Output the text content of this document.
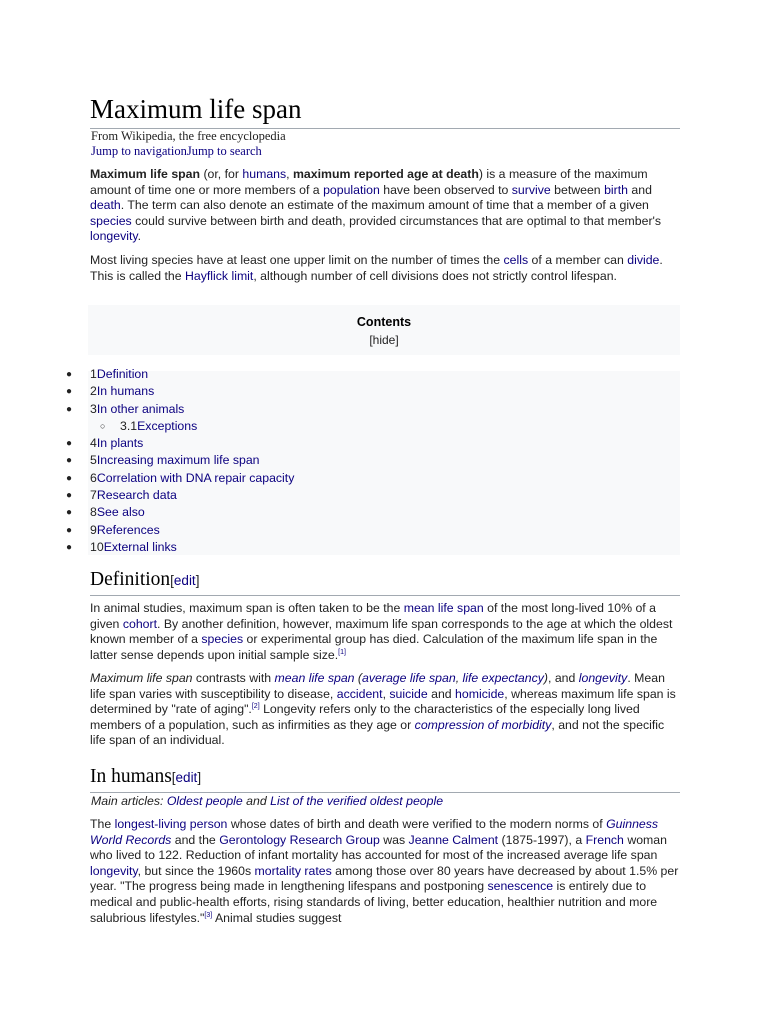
Maximum life span
From Wikipedia, the free encyclopedia
Jump to navigationJump to search

Maximum life span (or, for humans, maximum reported age at death) is a measure of the maximum amount of time one or more members of a population have been observed to survive between birth and death. The term can also denote an estimate of the maximum amount of time that a member of a given species could survive between birth and death, provided circumstances that are optimal to that member's longevity.

Most living species have at least one upper limit on the number of times the cells of a member can divide. This is called the Hayflick limit, although number of cell divisions does not strictly control lifespan.

Contents
[hide]
● 1Definition
● 2In humans
● 3In other animals
○ 3.1Exceptions
● 4In plants
● 5Increasing maximum life span
● 6Correlation with DNA repair capacity
● 7Research data
● 8See also
● 9References
● 10External links
Definition[edit]

In animal studies, maximum span is often taken to be the mean life span of the most long-lived 10% of a given cohort. By another definition, however, maximum life span corresponds to the age at which the oldest known member of a species or experimental group has died. Calculation of the maximum life span in the latter sense depends upon initial sample size.[1]

Maximum life span contrasts with mean life span (average life span, life expectancy), and longevity. Mean life span varies with susceptibility to disease, accident, suicide and homicide, whereas maximum life span is determined by "rate of aging".[2] Longevity refers only to the characteristics of the especially long lived members of a population, such as infirmities as they age or compression of morbidity, and not the specific life span of an individual.

In humans[edit]
Main articles: Oldest people and List of the verified oldest people

The longest-living person whose dates of birth and death were verified to the modern norms of Guinness World Records and the Gerontology Research Group was Jeanne Calment (1875-1997), a French woman who lived to 122. Reduction of infant mortality has accounted for most of the increased average life span longevity, but since the 1960s mortality rates among those over 80 years have decreased by about 1.5% per year. "The progress being made in lengthening lifespans and postponing senescence is entirely due to medical and public-health efforts, rising standards of living, better education, healthier nutrition and more salubrious lifestyles."[3] Animal studies suggest
